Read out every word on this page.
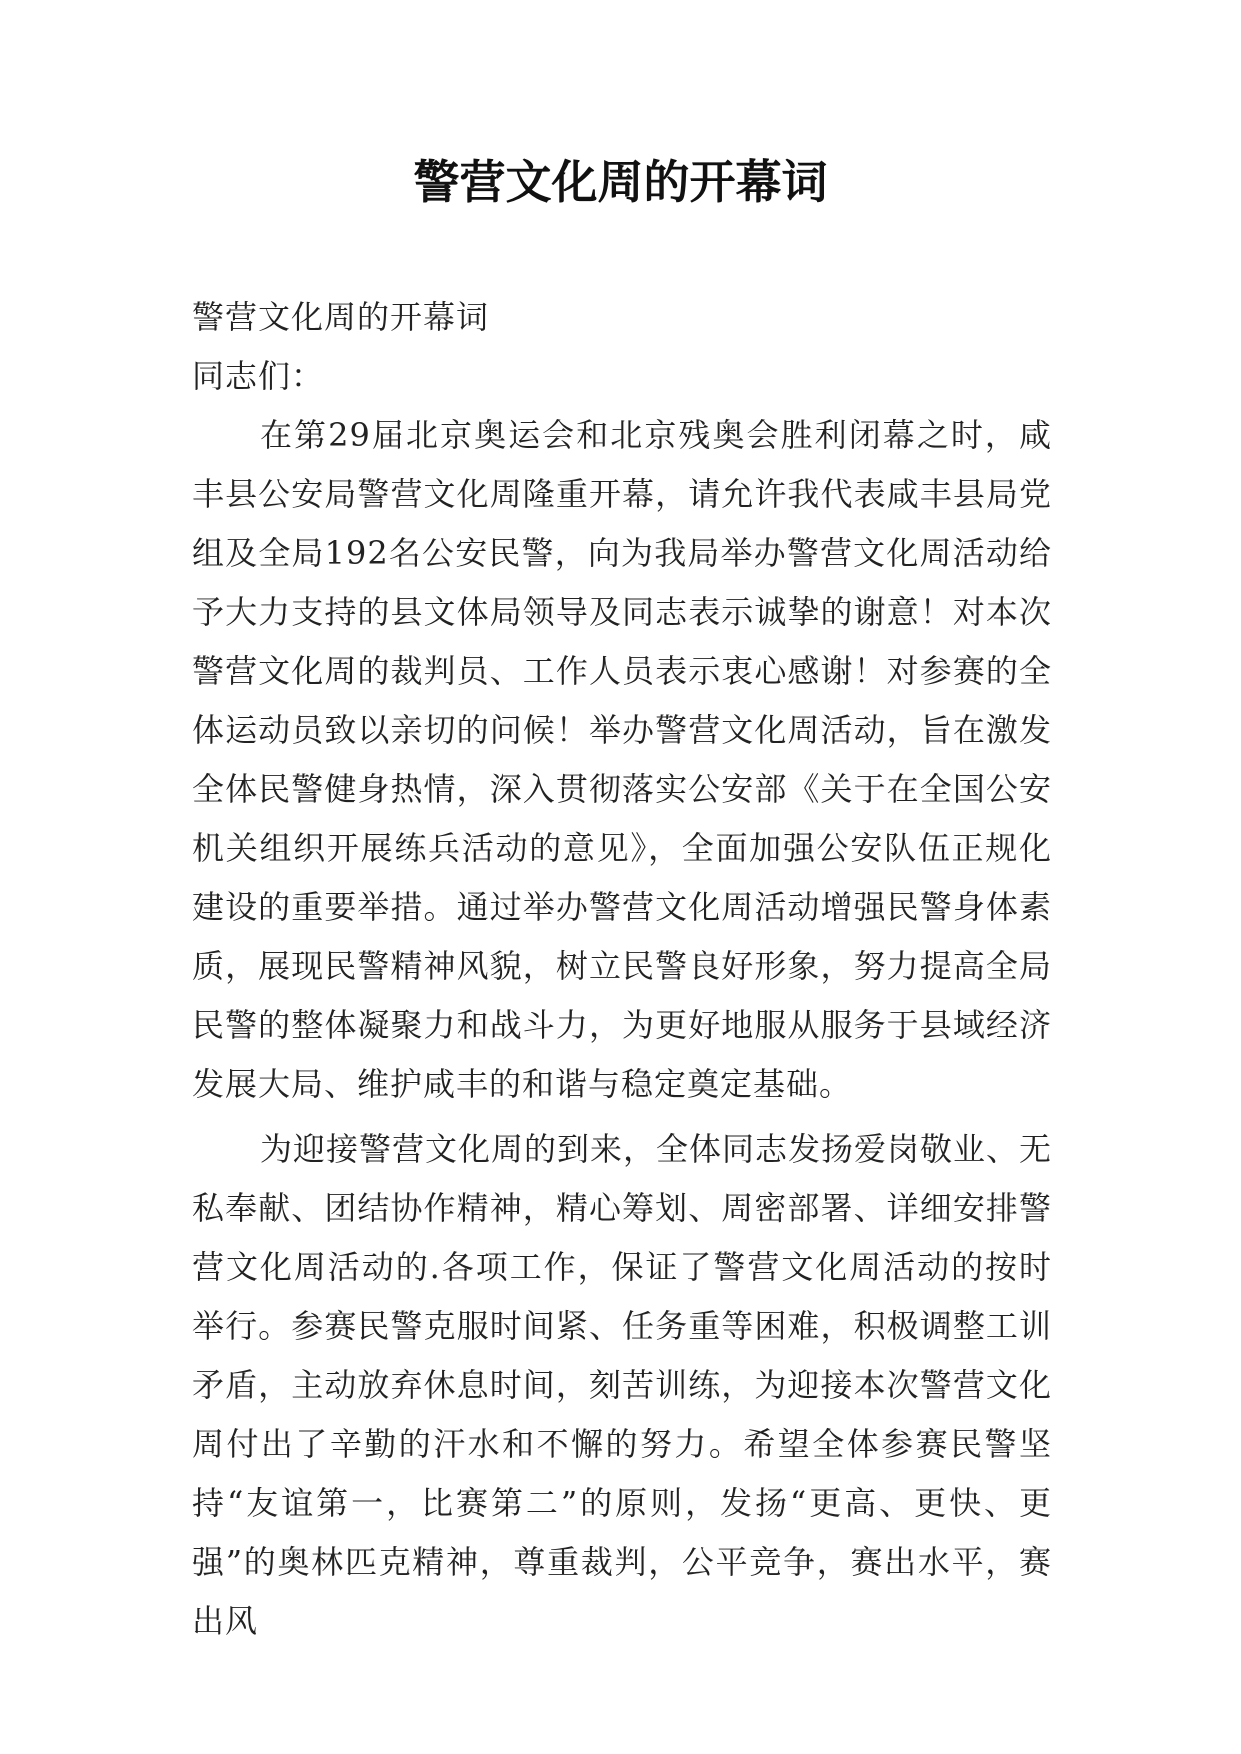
警营文化周的开幕词

警营文化周的开幕词

同志们：

在第29届北京奥运会和北京残奥会胜利闭幕之时，咸丰县公安局警营文化周隆重开幕，请允许我代表咸丰县局党组及全局192名公安民警，向为我局举办警营文化周活动给予大力支持的县文体局领导及同志表示诚挚的谢意！对本次警营文化周的裁判员、工作人员表示衷心感谢！对参赛的全体运动员致以亲切的问候！举办警营文化周活动，旨在激发全体民警健身热情，深入贯彻落实公安部《关于在全国公安机关组织开展练兵活动的意见》，全面加强公安队伍正规化建设的重要举措。通过举办警营文化周活动增强民警身体素质，展现民警精神风貌，树立民警良好形象，努力提高全局民警的整体凝聚力和战斗力，为更好地服从服务于县域经济发展大局、维护咸丰的和谐与稳定奠定基础。

为迎接警营文化周的到来，全体同志发扬爱岗敬业、无私奉献、团结协作精神，精心筹划、周密部署、详细安排警营文化周活动的.各项工作，保证了警营文化周活动的按时举行。参赛民警克服时间紧、任务重等困难，积极调整工训矛盾，主动放弃休息时间，刻苦训练，为迎接本次警营文化周付出了辛勤的汗水和不懈的努力。希望全体参赛民警坚持“友谊第一，比赛第二”的原则，发扬“更高、更快、更强”的奥林匹克精神，尊重裁判，公平竞争，赛出水平，赛出风
